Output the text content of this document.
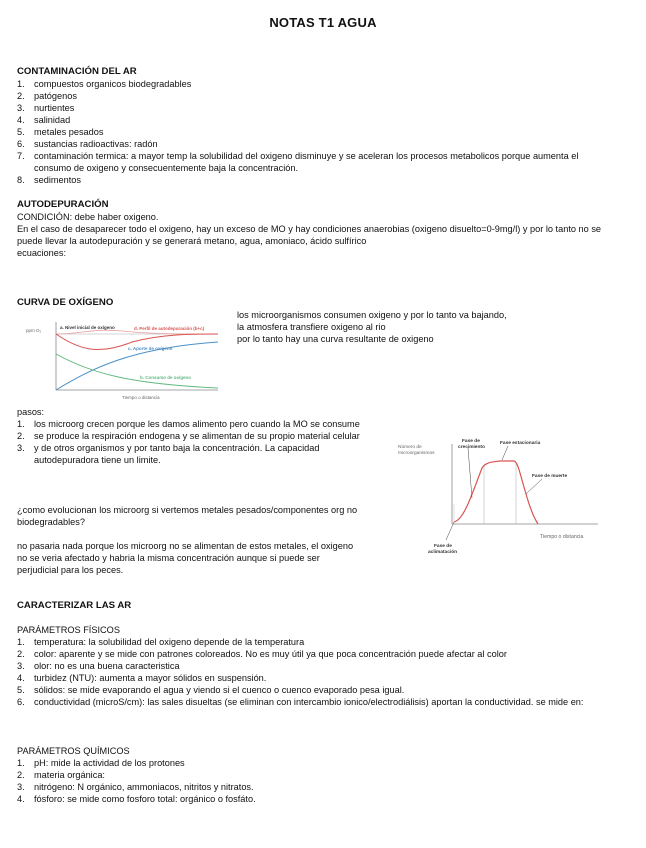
NOTAS T1 AGUA
CONTAMINACIÓN DEL AR
1. compuestos organicos biodegradables
2. patógenos
3. nurtientes
4. salinidad
5. metales pesados
6. sustancias radioactivas: radón
7. contaminación termica: a mayor temp la solubilidad del oxigeno disminuye y se aceleran los procesos metabolicos porque aumenta el consumo de oxigeno y consecuentemente baja la concentración.
8. sedimentos
AUTODEPURACIÓN
CONDICIÓN: debe haber oxigeno.
En el caso de desaparecer todo el oxigeno, hay un exceso de MO y hay condiciones anaerobias (oxigeno disuelto=0-9mg/l) y por lo tanto no se puede llevar la autodepuración y se generará metano, agua, amoniaco, ácido sulfírico
ecuaciones:
CURVA DE OXÍGENO
los microorganismos consumen oxigeno y por lo tanto va bajando,
la atmosfera transfiere oxigeno al rio
por lo tanto hay una curva resultante de oxigeno
ppm O₂
a. Nivel inicial de oxígeno	d. Perfil de autodepuración (b+c)
c. Aporte de oxígeno
b. Consumo de oxígeno
Tiempo o distancia
pasos:
1. los microorg crecen porque les damos alimento pero cuando la MO se consume
2. se produce la respiración endogena y se alimentan de su propio material celular
3. y de otros organismos y por tanto baja la concentración. La capacidad autodepuradora tiene un limite.
¿como evolucionan los microorg si vertemos metales pesados/componentes org no biodegradables?
no pasaria nada porque los microorg no se alimentan de estos metales, el oxigeno no se veria afectado y habria la misma concentración aunque si puede ser perjudicial para los peces.
Número de
microorganismos
Fase de
crecimiento
Fase estacionaria
Fase de muerte
Fase de
aclimatación
Tiempo o distancia
CARACTERIZAR LAS AR
PARÁMETROS FÍSICOS
1. temperatura: la solubilidad del oxigeno depende de la temperatura
2. color: aparente y se mide con patrones coloreados. No es muy útil ya que poca concentración puede afectar al color
3. olor: no es una buena caracteristica
4. turbidez (NTU): aumenta a mayor sólidos en suspensión.
5. sólidos: se mide evaporando el agua y viendo si el cuenco o cuenco evaporado pesa igual.
6. conductividad (microS/cm): las sales disueltas (se eliminan con intercambio ionico/electrodiálisis) aportan la conductividad. se mide en:
PARÁMETROS QUÍMICOS
1. pH: mide la actividad de los protones
2. materia orgánica:
3. nitrógeno: N orgánico, ammoniacos, nitritos y nitratos.
4. fósforo: se mide como fosforo total: orgánico o fosfáto.
